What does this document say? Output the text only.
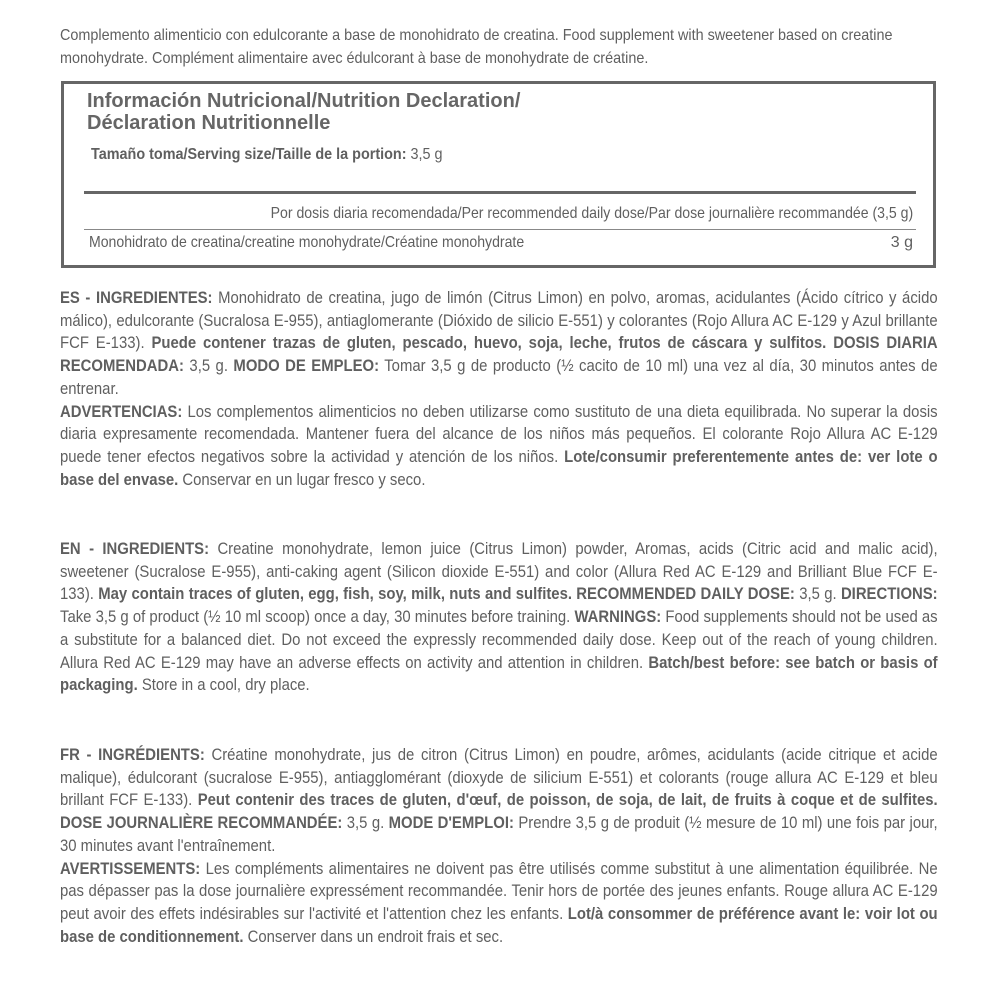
Complemento alimenticio con edulcorante a base de monohidrato de creatina. Food supplement with sweetener based on creatine monohydrate. Complément alimentaire avec édulcorant à base de monohydrate de créatine.
Información Nutricional/Nutrition Declaration/
Déclaration Nutritionnelle
Tamaño toma/Serving size/Taille de la portion: 3,5 g
Por dosis diaria recomendada/Per recommended daily dose/Par dose journalière recommandée (3,5 g)
Monohidrato de creatina/creatine monohydrate/Créatine monohydrate	3 g
ES - INGREDIENTES: Monohidrato de creatina, jugo de limón (Citrus Limon) en polvo, aromas, acidulantes (Ácido cítrico y ácido málico), edulcorante (Sucralosa E-955), antiaglomerante (Dióxido de silicio E-551) y colorantes (Rojo Allura AC E-129 y Azul brillante FCF E-133). Puede contener trazas de gluten, pescado, huevo, soja, leche, frutos de cáscara y sulfitos. DOSIS DIARIA RECOMENDADA: 3,5 g. MODO DE EMPLEO: Tomar 3,5 g de producto (½ cacito de 10 ml) una vez al día, 30 minutos antes de entrenar.
ADVERTENCIAS: Los complementos alimenticios no deben utilizarse como sustituto de una dieta equilibrada. No superar la dosis diaria expresamente recomendada. Mantener fuera del alcance de los niños más pequeños. El colorante Rojo Allura AC E-129 puede tener efectos negativos sobre la actividad y atención de los niños. Lote/consumir preferentemente antes de: ver lote o base del envase. Conservar en un lugar fresco y seco.
EN - INGREDIENTS: Creatine monohydrate, lemon juice (Citrus Limon) powder, Aromas, acids (Citric acid and malic acid), sweetener (Sucralose E-955), anti-caking agent (Silicon dioxide E-551) and color (Allura Red AC E-129 and Brilliant Blue FCF E-133). May contain traces of gluten, egg, fish, soy, milk, nuts and sulfites. RECOMMENDED DAILY DOSE: 3,5 g. DIRECTIONS: Take 3,5 g of product (½ 10 ml scoop) once a day, 30 minutes before training. WARNINGS: Food supplements should not be used as a substitute for a balanced diet. Do not exceed the expressly recommended daily dose. Keep out of the reach of young children. Allura Red AC E-129 may have an adverse effects on activity and attention in children. Batch/best before: see batch or basis of packaging. Store in a cool, dry place.
FR - INGRÉDIENTS: Créatine monohydrate, jus de citron (Citrus Limon) en poudre, arômes, acidulants (acide citrique et acide malique), édulcorant (sucralose E-955), antiagglomérant (dioxyde de silicium E-551) et colorants (rouge allura AC E-129 et bleu brillant FCF E-133). Peut contenir des traces de gluten, d'œuf, de poisson, de soja, de lait, de fruits à coque et de sulfites. DOSE JOURNALIÈRE RECOMMANDÉE: 3,5 g. MODE D'EMPLOI: Prendre 3,5 g de produit (½ mesure de 10 ml) une fois par jour, 30 minutes avant l'entraînement.
AVERTISSEMENTS: Les compléments alimentaires ne doivent pas être utilisés comme substitut à une alimentation équilibrée. Ne pas dépasser pas la dose journalière expressément recommandée. Tenir hors de portée des jeunes enfants. Rouge allura AC E-129 peut avoir des effets indésirables sur l'activité et l'attention chez les enfants. Lot/à consommer de préférence avant le: voir lot ou base de conditionnement. Conserver dans un endroit frais et sec.
